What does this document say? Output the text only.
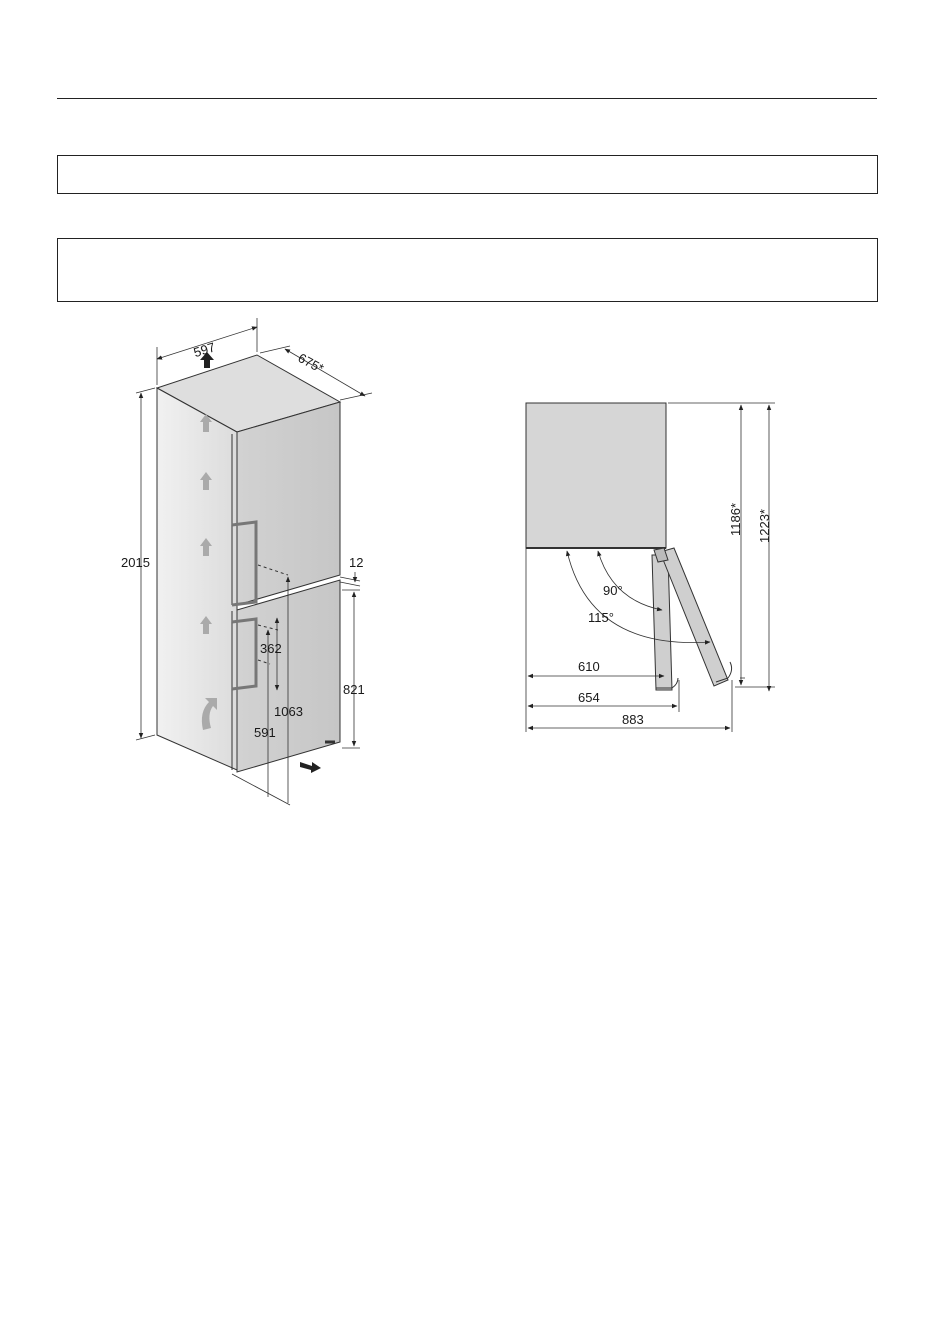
597
675*
2015	12
821
362
1063
591
90°
115°
610
654
883
1186* 1223*
